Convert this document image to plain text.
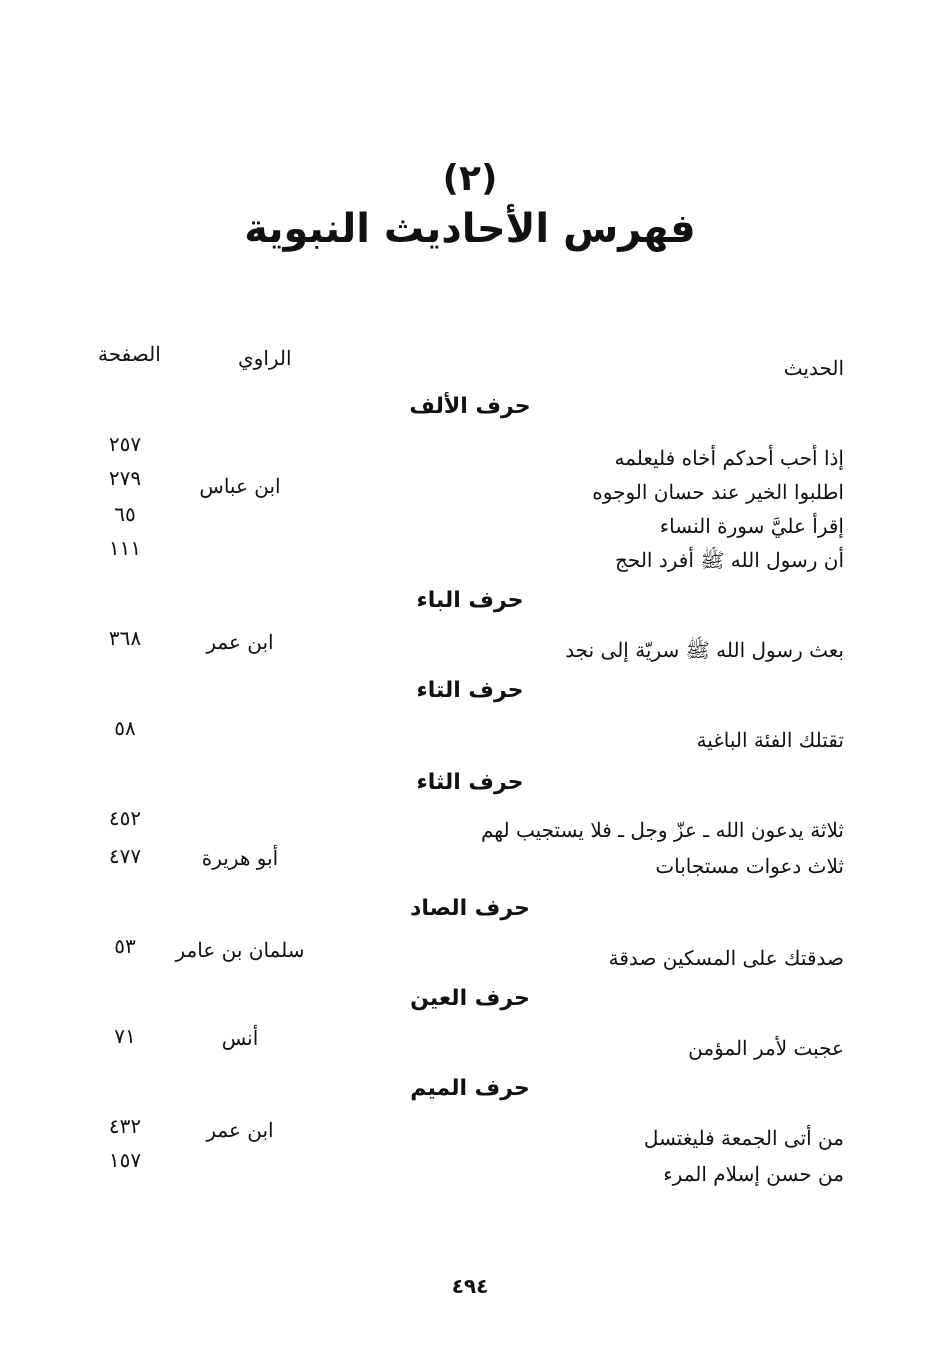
(٢)
فهرس الأحاديث النبوية
الحديث
الراوي
الصفحة
حرف الألف
إذا أحب أحدكم أخاه فليعلمه
٢٥٧
اطلبوا الخير عند حسان الوجوه
ابن عباس
٢٧٩
إقرأ عليَّ سورة النساء
٦٥
أن رسول الله ﷺ أفرد الحج
١١١
حرف الباء
بعث رسول الله ﷺ سريّة إلى نجد
ابن عمر
٣٦٨
حرف التاء
تقتلك الفئة الباغية
٥٨
حرف الثاء
ثلاثة يدعون الله ـ عزّ وجل ـ فلا يستجيب لهم
٤٥٢
ثلاث دعوات مستجابات
أبو هريرة
٤٧٧
حرف الصاد
صدقتك على المسكين صدقة
سلمان بن عامر
٥٣
حرف العين
عجبت لأمر المؤمن
أنس
٧١
حرف الميم
من أتى الجمعة فليغتسل
ابن عمر
٤٣٢
من حسن إسلام المرء
١٥٧
٤٩٤
